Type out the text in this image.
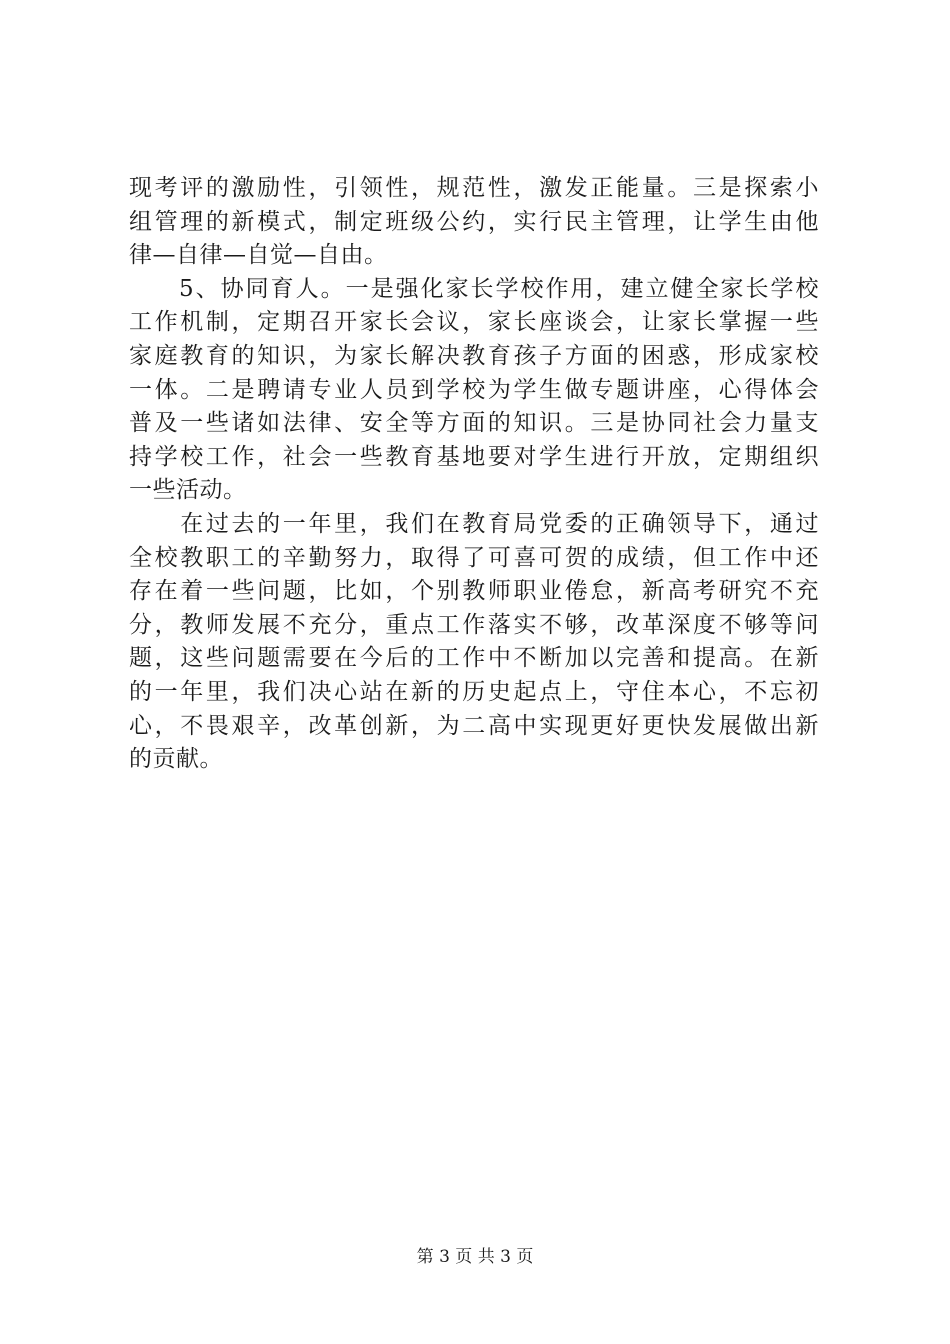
现考评的激励性，引领性，规范性，激发正能量。三是探索小
组管理的新模式，制定班级公约，实行民主管理，让学生由他
律—自律—自觉—自由。
　　5、协同育人。一是强化家长学校作用，建立健全家长学校
工作机制，定期召开家长会议，家长座谈会，让家长掌握一些
家庭教育的知识，为家长解决教育孩子方面的困惑，形成家校
一体。二是聘请专业人员到学校为学生做专题讲座，心得体会
普及一些诸如法律、安全等方面的知识。三是协同社会力量支
持学校工作，社会一些教育基地要对学生进行开放，定期组织
一些活动。
　　在过去的一年里，我们在教育局党委的正确领导下，通过
全校教职工的辛勤努力，取得了可喜可贺的成绩，但工作中还
存在着一些问题，比如，个别教师职业倦怠，新高考研究不充
分，教师发展不充分，重点工作落实不够，改革深度不够等问
题，这些问题需要在今后的工作中不断加以完善和提高。在新
的一年里，我们决心站在新的历史起点上，守住本心，不忘初
心，不畏艰辛，改革创新，为二高中实现更好更快发展做出新
的贡献。
第 3 页 共 3 页
